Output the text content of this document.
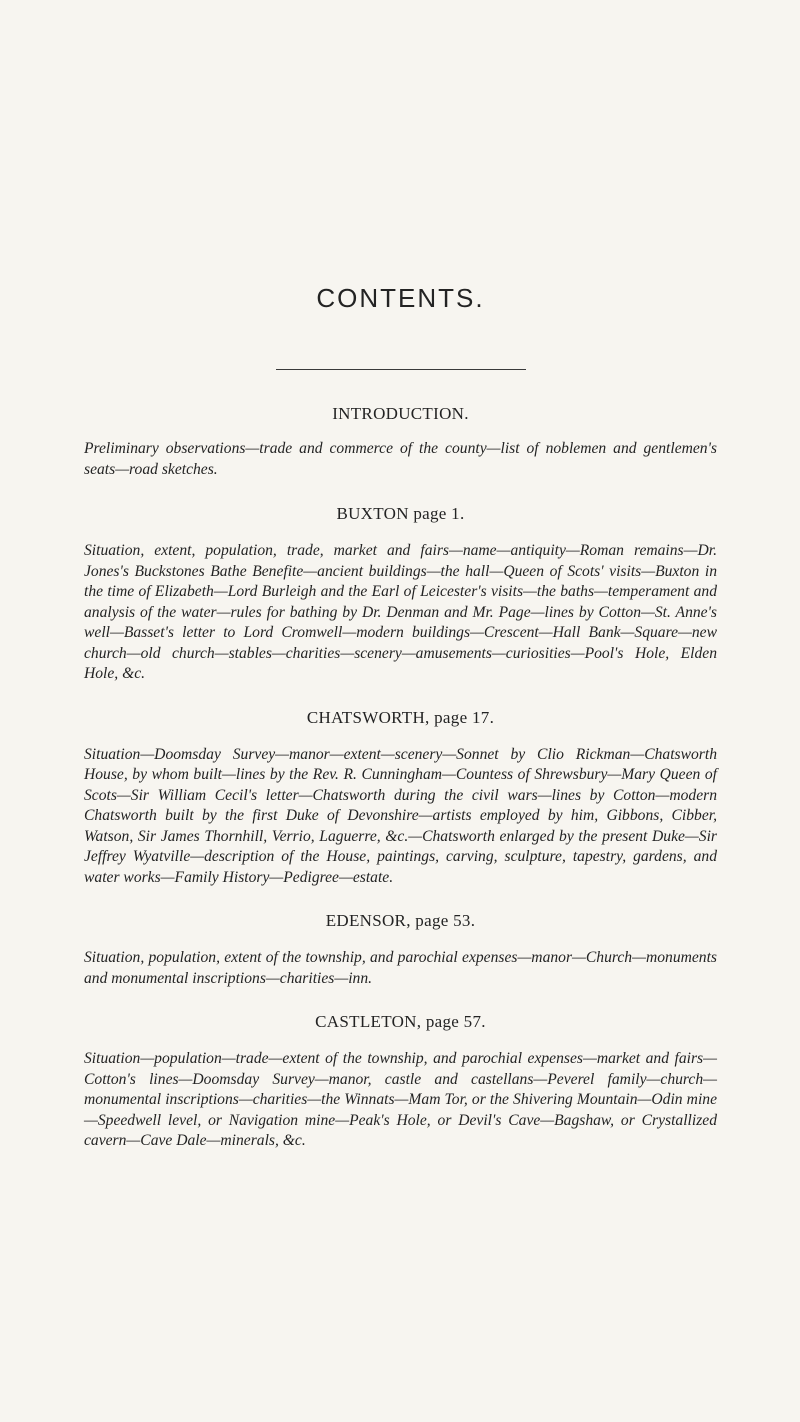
CONTENTS.
INTRODUCTION.

Preliminary observations—trade and commerce of the county—list of noblemen and gentlemen's seats—road sketches.

BUXTON page 1.

Situation, extent, population, trade, market and fairs—name—antiquity—Roman remains—Dr. Jones's Buckstones Bathe Benefite—ancient buildings—the hall—Queen of Scots' visits—Buxton in the time of Elizabeth—Lord Burleigh and the Earl of Leicester's visits—the baths—temperament and analysis of the water—rules for bathing by Dr. Denman and Mr. Page—lines by Cotton—St. Anne's well—Basset's letter to Lord Cromwell—modern buildings—Crescent—Hall Bank—Square—new church—old church—stables—charities—scenery—amusements—curiosities—Pool's Hole, Elden Hole, &c.

CHATSWORTH, page 17.

Situation—Doomsday Survey—manor—extent—scenery—Sonnet by Clio Rickman—Chatsworth House, by whom built—lines by the Rev. R. Cunningham—Countess of Shrewsbury—Mary Queen of Scots—Sir William Cecil's letter—Chatsworth during the civil wars—lines by Cotton—modern Chatsworth built by the first Duke of Devonshire—artists employed by him, Gibbons, Cibber, Watson, Sir James Thornhill, Verrio, Laguerre, &c.—Chatsworth enlarged by the present Duke—Sir Jeffrey Wyatville—description of the House, paintings, carving, sculpture, tapestry, gardens, and water works—Family History—Pedigree—estate.

EDENSOR, page 53.

Situation, population, extent of the township, and parochial expenses—manor—Church—monuments and monumental inscriptions—charities—inn.

CASTLETON, page 57.

Situation—population—trade—extent of the township, and parochial expenses—market and fairs—Cotton's lines—Doomsday Survey—manor, castle and castellans—Peverel family—church—monumental inscriptions—charities—the Winnats—Mam Tor, or the Shivering Mountain—Odin mine—Speedwell level, or Navigation mine—Peak's Hole, or Devil's Cave—Bagshaw, or Crystallized cavern—Cave Dale—minerals, &c.
